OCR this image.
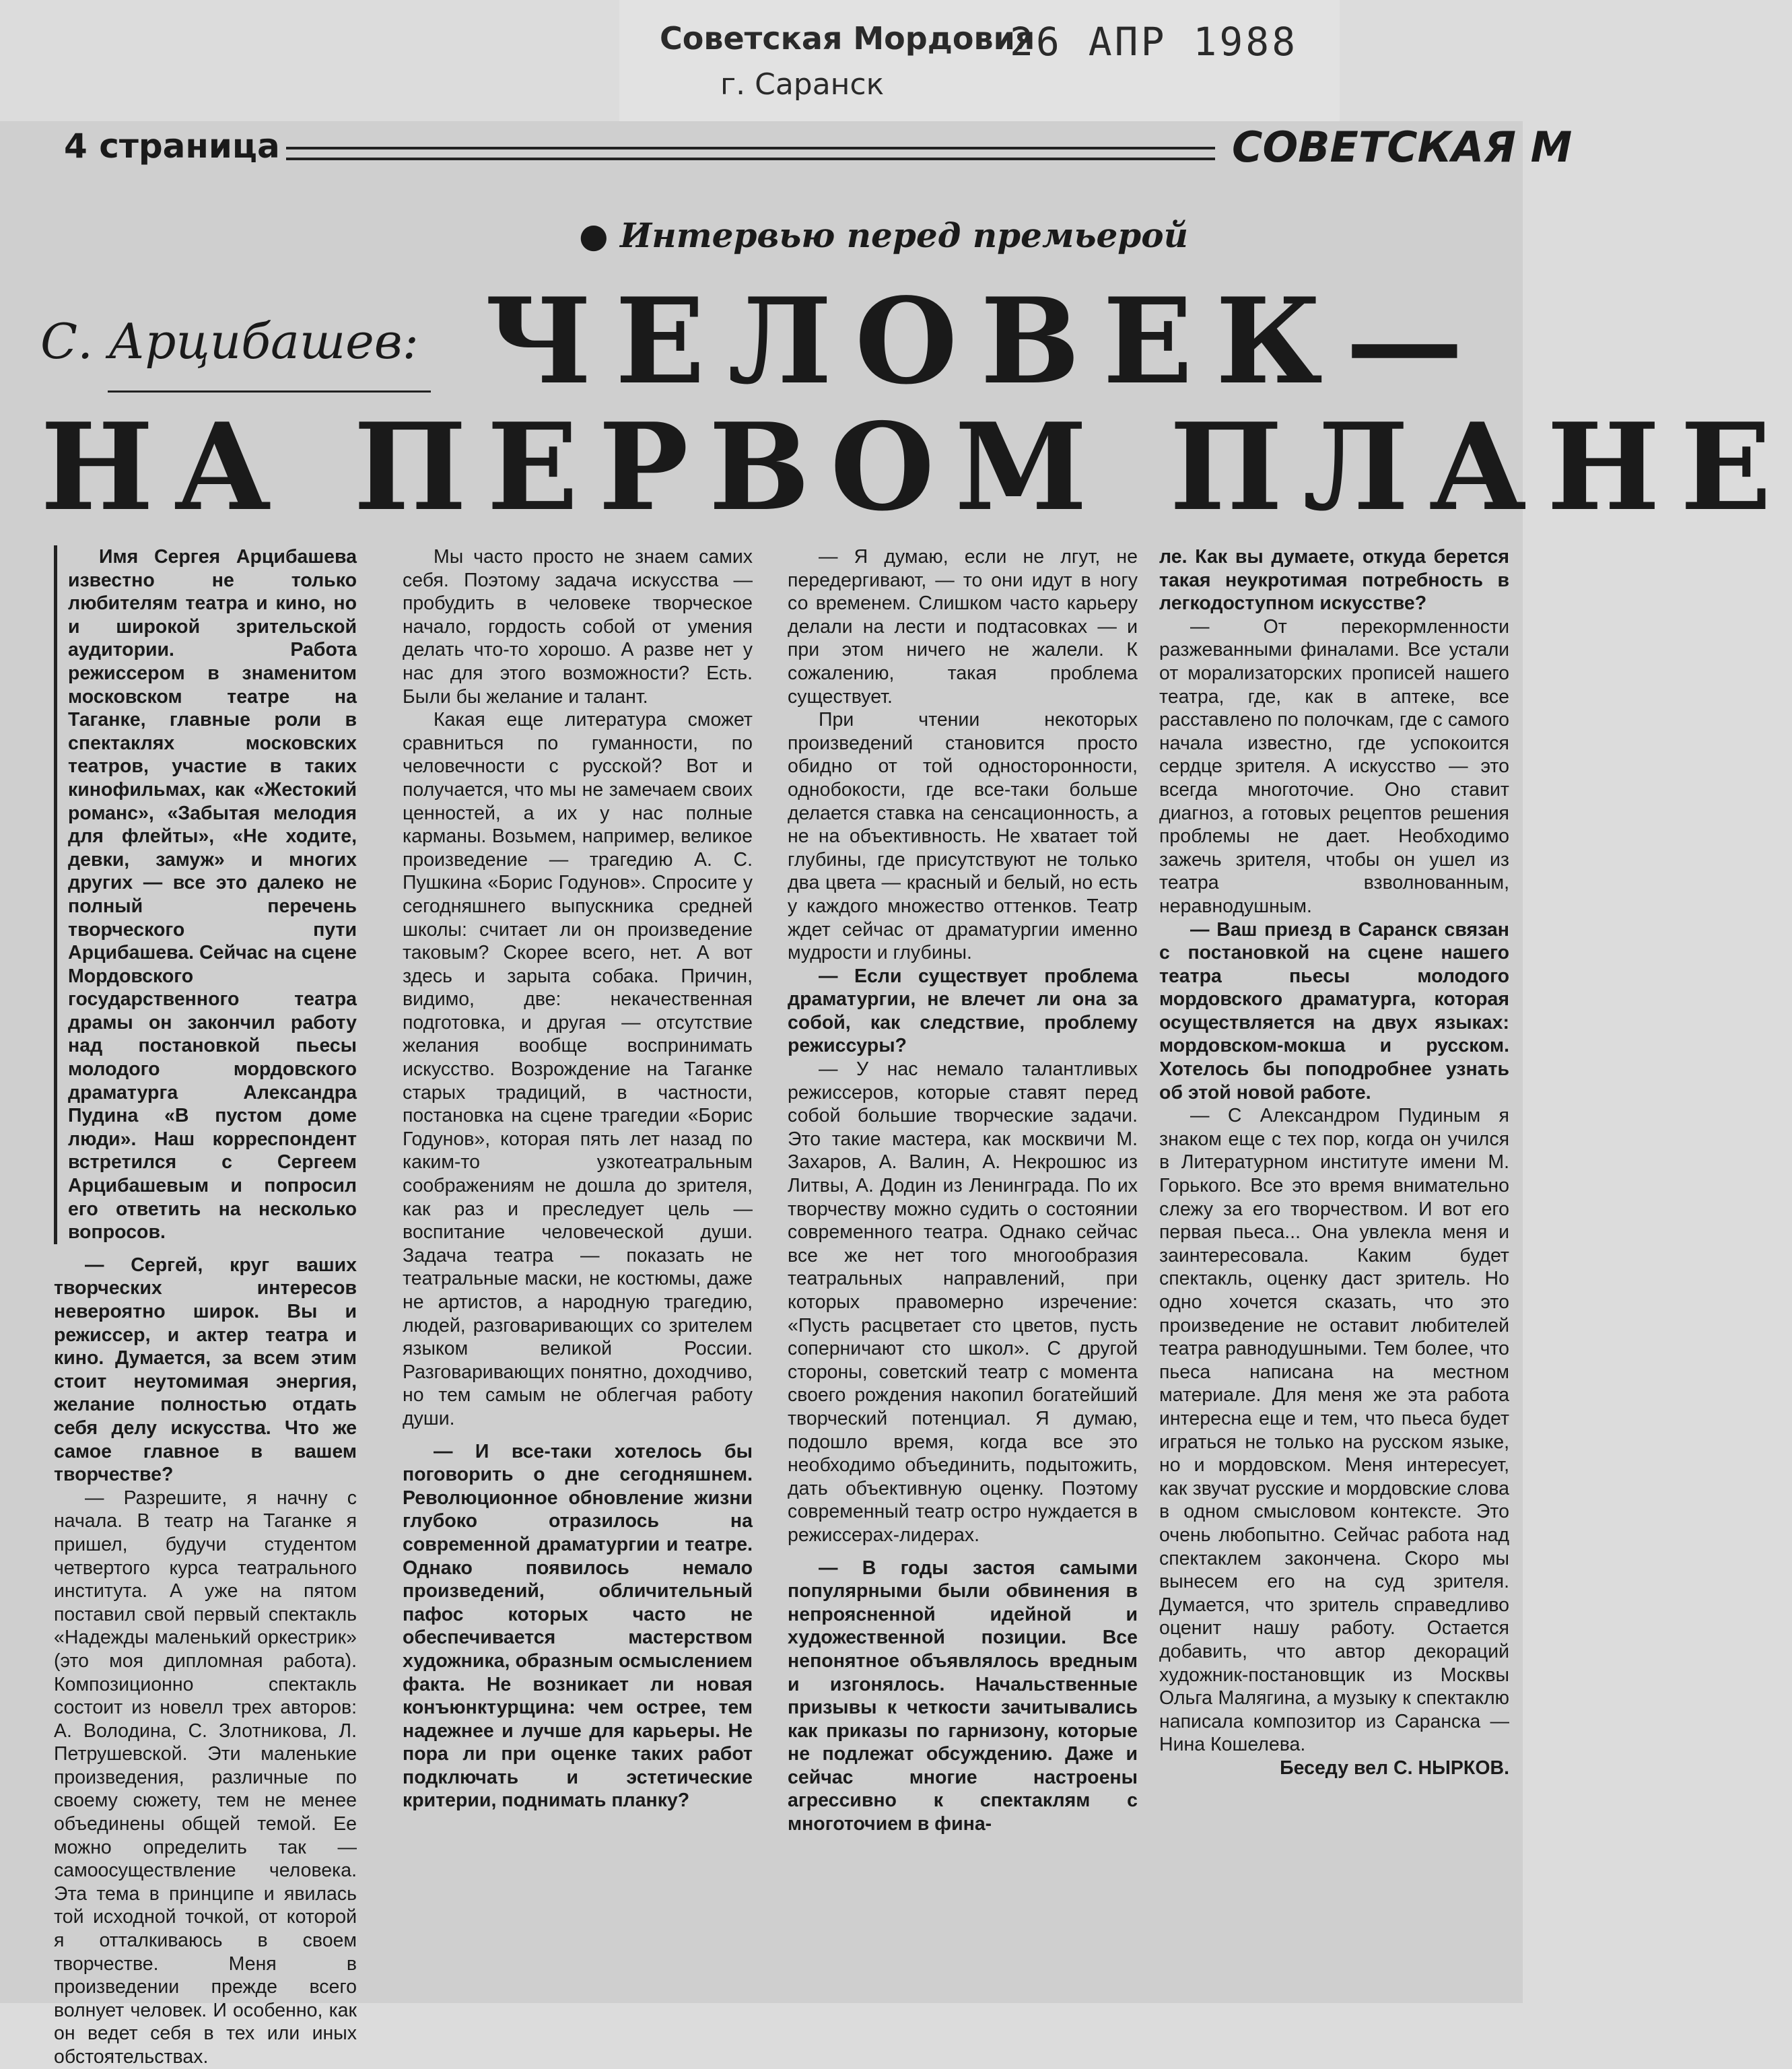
Советская Мордовия
26 АПР 1988
г. Саранск
4 страница	СОВЕТСКАЯ М
● Интервью перед премьерой
С. Арцибашев: ЧЕЛОВЕК—
НА ПЕРВОМ ПЛАНЕ

Имя Сергея Арцибашева известно не только любителям театра и кино, но и широкой зрительской аудитории. Работа режиссером в знаменитом московском театре на Таганке, главные роли в спектаклях московских театров, участие в таких кинофильмах, как «Жестокий романс», «Забытая мелодия для флейты», «Не ходите, девки, замуж» и многих других — все это далеко не полный перечень творческого пути Арцибашева. Сейчас на сцене Мордовского государственного театра драмы он закончил работу над постановкой пьесы молодого мордовского драматурга Александра Пудина «В пустом доме люди». Наш корреспондент встретился с Сергеем Арцибашевым и попросил его ответить на несколько вопросов.

— Сергей, круг ваших творческих интересов невероятно широк. Вы и режиссер, и актер театра и кино. Думается, за всем этим стоит неутомимая энергия, желание полностью отдать себя делу искусства. Что же самое главное в вашем творчестве?

— Разрешите, я начну с начала. В театр на Таганке я пришел, будучи студентом четвертого курса театрального института. А уже на пятом поставил свой первый спектакль «Надежды маленький оркестрик» (это моя дипломная работа). Композиционно спектакль состоит из новелл трех авторов: А. Володина, С. Злотникова, Л. Петрушевской. Эти маленькие произведения, различные по своему сюжету, тем не менее объединены общей темой. Ее можно определить так — самоосуществление человека. Эта тема в принципе и явилась той исходной точкой, от которой я отталкиваюсь в своем творчестве. Меня в произведении прежде всего волнует человек. И особенно, как он ведет себя в тех или иных обстоятельствах.

Мы часто просто не знаем самих себя. Поэтому задача искусства — пробудить в человеке творческое начало, гордость собой от умения делать что-то хорошо. А разве нет у нас для этого возможности? Есть. Были бы желание и талант.

Какая еще литература сможет сравниться по гуманности, по человечности с русской? Вот и получается, что мы не замечаем своих ценностей, а их у нас полные карманы. Возьмем, например, великое произведение — трагедию А. С. Пушкина «Борис Годунов». Спросите у сегодняшнего выпускника средней школы: считает ли он произведение таковым? Скорее всего, нет. А вот здесь и зарыта собака. Причин, видимо, две: некачественная подготовка, и другая — отсутствие желания вообще воспринимать искусство. Возрождение на Таганке старых традиций, в частности, постановка на сцене трагедии «Борис Годунов», которая пять лет назад по каким-то узкотеатральным соображениям не дошла до зрителя, как раз и преследует цель — воспитание человеческой души. Задача театра — показать не театральные маски, не костюмы, даже не артистов, а народную трагедию, людей, разговаривающих со зрителем языком великой России. Разговаривающих понятно, доходчиво, но тем самым не облегчая работу души.

— И все-таки хотелось бы поговорить о дне сегодняшнем. Революционное обновление жизни глубоко отразилось на современной драматургии и театре. Однако появилось немало произведений, обличительный пафос которых часто не обеспечивается мастерством художника, образным осмыслением факта. Не возникает ли новая конъюнктурщина: чем острее, тем надежнее и лучше для карьеры. Не пора ли при оценке таких работ подключать и эстетические критерии, поднимать планку?

— Я думаю, если не лгут, не передергивают, — то они идут в ногу со временем. Слишком часто карьеру делали на лести и подтасовках — и при этом ничего не жалели. К сожалению, такая проблема существует.

При чтении некоторых произведений становится просто обидно от той односторонности, однобокости, где все-таки больше делается ставка на сенсационность, а не на объективность. Не хватает той глубины, где присутствуют не только два цвета — красный и белый, но есть у каждого множество оттенков. Театр ждет сейчас от драматургии именно мудрости и глубины.

— Если существует проблема драматургии, не влечет ли она за собой, как следствие, проблему режиссуры?

— У нас немало талантливых режиссеров, которые ставят перед собой большие творческие задачи. Это такие мастера, как москвичи М. Захаров, А. Валин, А. Некрошюс из Литвы, А. Додин из Ленинграда. По их творчеству можно судить о состоянии современного театра. Однако сейчас все же нет того многообразия театральных направлений, при которых правомерно изречение: «Пусть расцветает сто цветов, пусть соперничают сто школ». С другой стороны, советский театр с момента своего рождения накопил богатейший творческий потенциал. Я думаю, подошло время, когда все это необходимо объединить, подытожить, дать объективную оценку. Поэтому современный театр остро нуждается в режиссерах-лидерах.

— В годы застоя самыми популярными были обвинения в непроясненной идейной и художественной позиции. Все непонятное объявлялось вредным и изгонялось. Начальственные призывы к четкости зачитывались как приказы по гарнизону, которые не подлежат обсуждению. Даже и сейчас многие настроены агрессивно к спектаклям с многоточием в фина-

ле. Как вы думаете, откуда берется такая неукротимая потребность в легкодоступном искусстве?

— От перекормленности разжеванными финалами. Все устали от морализаторских прописей нашего театра, где, как в аптеке, все расставлено по полочкам, где с самого начала известно, где успокоится сердце зрителя. А искусство — это всегда многоточие. Оно ставит диагноз, а готовых рецептов решения проблемы не дает. Необходимо зажечь зрителя, чтобы он ушел из театра взволнованным, неравнодушным.

— Ваш приезд в Саранск связан с постановкой на сцене нашего театра пьесы молодого мордовского драматурга, которая осуществляется на двух языках: мордовском-мокша и русском. Хотелось бы поподробнее узнать об этой новой работе.

— С Александром Пудиным я знаком еще с тех пор, когда он учился в Литературном институте имени М. Горького. Все это время внимательно слежу за его творчеством. И вот его первая пьеса... Она увлекла меня и заинтересовала. Каким будет спектакль, оценку даст зритель. Но одно хочется сказать, что это произведение не оставит любителей театра равнодушными. Тем более, что пьеса написана на местном материале. Для меня же эта работа интересна еще и тем, что пьеса будет играться не только на русском языке, но и мордовском. Меня интересует, как звучат русские и мордовские слова в одном смысловом контексте. Это очень любопытно. Сейчас работа над спектаклем закончена. Скоро мы вынесем его на суд зрителя. Думается, что зритель справедливо оценит нашу работу. Остается добавить, что автор декораций художник-постановщик из Москвы Ольга Малягина, а музыку к спектаклю написала композитор из Саранска — Нина Кошелева.

Беседу вел С. НЫРКОВ.
